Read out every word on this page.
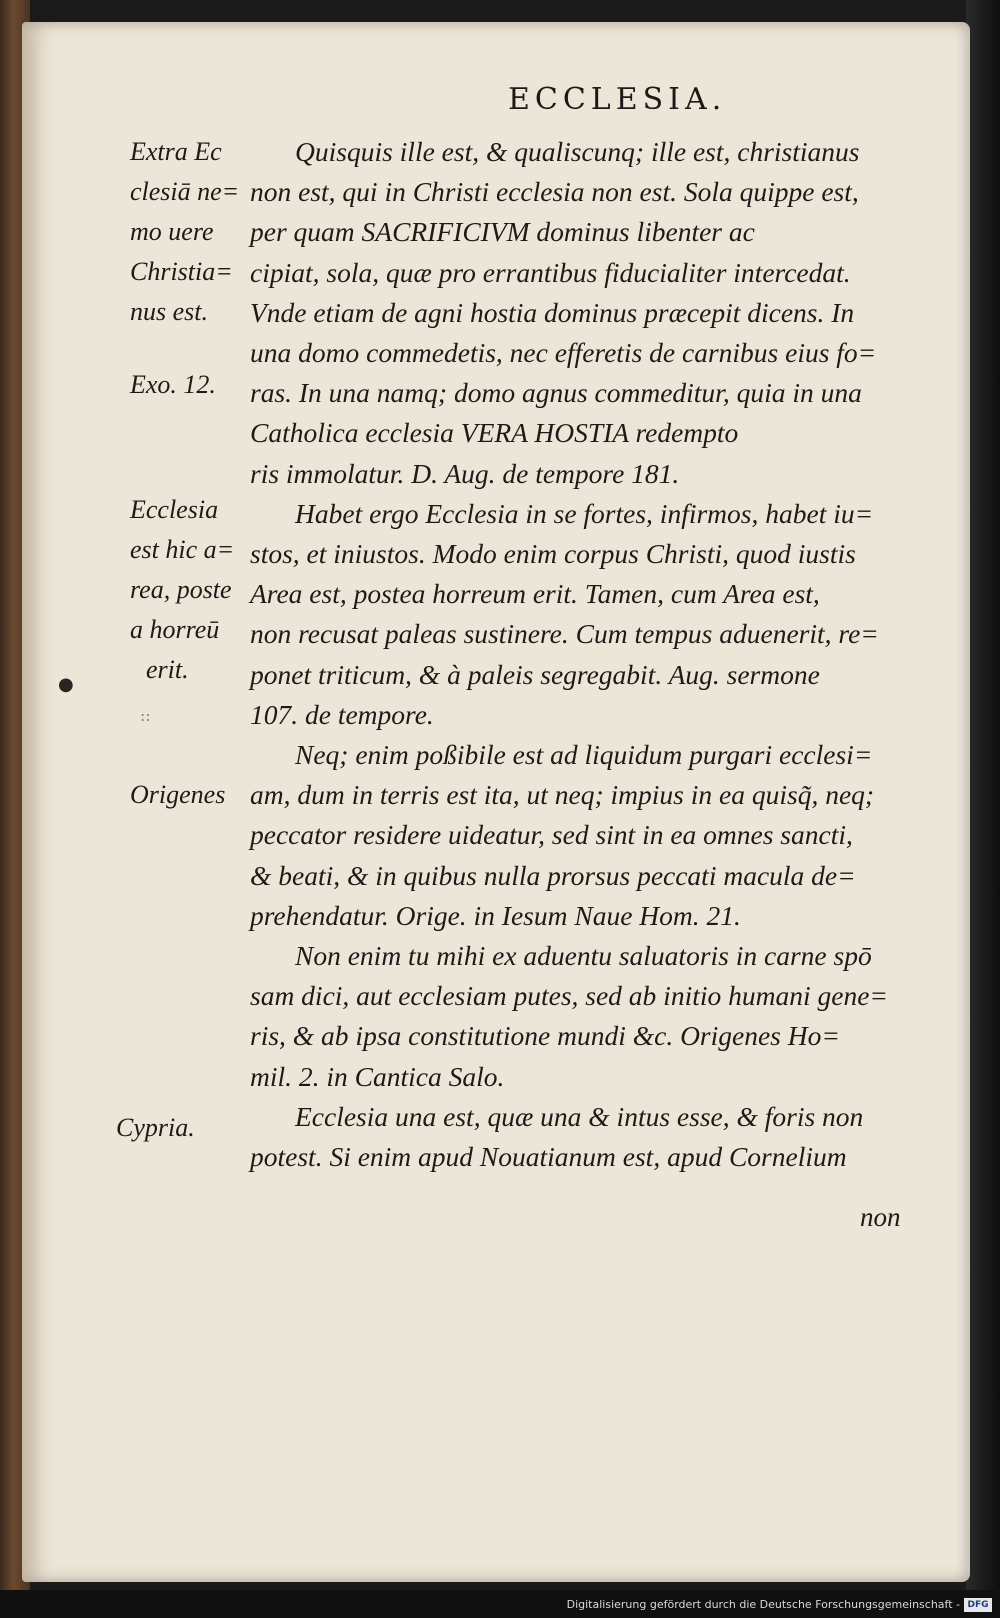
ECCLESIA.
Extra Ec
clesiā ne=
mo uere
Christia=
nus est.
Exo. 12.
Ecclesia
est hic a=
rea, poste
a horreū
erit.
Origenes
Cypria.
●
::
Quisquis ille est, & qualiscunq; ille est, christianus
non est, qui in Christi ecclesia non est. Sola quippe est,
per quam SACRIFICIVM dominus libenter ac
cipiat, sola, quæ pro errantibus fiducialiter intercedat.
Vnde etiam de agni hostia dominus præcepit dicens. In
una domo commedetis, nec efferetis de carnibus eius fo=
ras. In una namq; domo agnus commeditur, quia in una
Catholica ecclesia VERA HOSTIA redempto
ris immolatur. D. Aug. de tempore 181.
Habet ergo Ecclesia in se fortes, infirmos, habet iu=
stos, et iniustos. Modo enim corpus Christi, quod iustis
Area est, postea horreum erit. Tamen, cum Area est,
non recusat paleas sustinere. Cum tempus aduenerit, re=
ponet triticum, & à paleis segregabit. Aug. sermone
107. de tempore.
Neq; enim poßibile est ad liquidum purgari ecclesi=
am, dum in terris est ita, ut neq; impius in ea quisq̃, neq;
peccator residere uideatur, sed sint in ea omnes sancti,
& beati, & in quibus nulla prorsus peccati macula de=
prehendatur. Orige. in Iesum Naue Hom. 21.
Non enim tu mihi ex aduentu saluatoris in carne spō
sam dici, aut ecclesiam putes, sed ab initio humani gene=
ris, & ab ipsa constitutione mundi &c. Origenes Ho=
mil. 2. in Cantica Salo.
Ecclesia una est, quæ una & intus esse, & foris non
potest. Si enim apud Nouatianum est, apud Cornelium
non
Digitalisierung gefördert durch die Deutsche Forschungsgemeinschaft - DFG
